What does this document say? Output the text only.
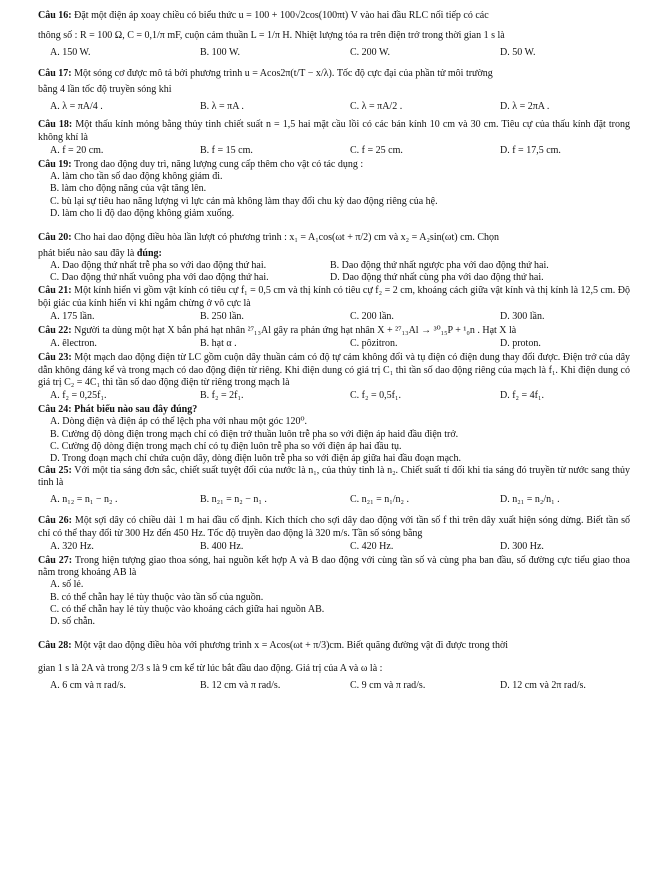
Câu 16: Đặt một điện áp xoay chiều có biểu thức u = 100 + 100√2cos(100πt) V vào hai đầu RLC nối tiếp có các

thông số : R = 100 Ω, C = 0,1/π mF, cuộn cảm thuần L = 1/π H. Nhiệt lượng tỏa ra trên điện trở trong thời gian 1 s là

A. 150 W.	B. 100 W.	C. 200 W.	D. 50 W.

Câu 17: Một sóng cơ được mô tả bởi phương trình u = Acos2π(t/T − x/λ). Tốc độ cực đại của phần tử môi trường

bằng 4 lần tốc độ truyền sóng khi

A. λ = πA/4 .	B. λ = πA .	C. λ = πA/2 .	D. λ = 2πA .

Câu 18: Một thấu kính mỏng bằng thủy tinh chiết suất n = 1,5 hai mặt cầu lồi có các bán kính 10 cm và 30 cm. Tiêu cự của thấu kính đặt trong không khí là

A. f = 20 cm.	B. f = 15 cm.	C. f = 25 cm.	D. f = 17,5 cm.

Câu 19: Trong dao động duy trì, năng lượng cung cấp thêm cho vật có tác dụng :

A. làm cho tần số dao động không giảm đi.
B. làm cho động năng của vật tăng lên.
C. bù lại sự tiêu hao năng lượng vì lực cản mà không làm thay đổi chu kỳ dao động riêng của hệ.
D. làm cho li độ dao động không giảm xuống.

Câu 20: Cho hai dao động điều hòa lần lượt có phương trình : x₁ = A₁cos(ωt + π/2) cm và x₂ = A₂sin(ωt) cm. Chọn

phát biểu nào sau đây là đúng:

A. Dao động thứ nhất trễ pha so với dao động thứ hai.	B. Dao động thứ nhất ngược pha với dao động thứ hai.
C. Dao động thứ nhất vuông pha với dao động thứ hai.	D. Dao động thứ nhất cùng pha với dao động thứ hai.

Câu 21: Một kính hiển vi gồm vật kính có tiêu cự f₁ = 0,5 cm và thị kính có tiêu cự f₂ = 2 cm, khoảng cách giữa vật kính và thị kính là 12,5 cm. Độ bội giác của kính hiển vi khi ngắm chừng ở vô cực là

A. 175 lần.	B. 250 lần.	C. 200 lần.	D. 300 lần.

Câu 22: Người ta dùng một hạt X bắn phá hạt nhân ²⁷₁₃Al gây ra phản ứng hạt nhân X + ²⁷₁₃Al → ³⁰₁₅P + ¹₀n . Hạt X là

A. êlectron.	B. hạt α .	C. pôzitron.	D. proton.

Câu 23: Một mạch dao động điện từ LC gồm cuộn dây thuần cảm có độ tự cảm không đổi và tụ điện có điện dung thay đổi được. Điện trở của dây dẫn không đáng kể và trong mạch có dao động điện từ riêng. Khi điện dung có giá trị C₁ thì tần số dao động riêng của mạch là f₁. Khi điện dung có giá trị C₂ = 4C₁ thì tần số dao động điện từ riêng trong mạch là

A. f₂ = 0,25f₁.	B. f₂ = 2f₁.	C. f₂ = 0,5f₁.	D. f₂ = 4f₁.

Câu 24: Phát biểu nào sau đây đúng?

A. Dòng điện và điện áp có thể lệch pha với nhau một góc 120⁰.
B. Cường độ dòng điện trong mạch chỉ có điện trở thuần luôn trễ pha so với điện áp haid đầu điện trở.
C. Cường độ dòng điện trong mạch chỉ có tụ điện luôn trễ pha so với điện áp hai đầu tụ.
D. Trong đoạn mạch chỉ chứa cuộn dây, dòng điện luôn trễ pha so với điện áp giữa hai đầu đoạn mạch.

Câu 25: Với một tia sáng đơn sắc, chiết suất tuyệt đối của nước là n₁, của thủy tinh là n₂. Chiết suất tỉ đối khi tia sáng đó truyền từ nước sang thủy tinh là

A. n₁₂ = n₁ − n₂ .	B. n₂₁ = n₂ − n₁ .	C. n₂₁ = n₁/n₂ .	D. n₂₁ = n₂/n₁ .

Câu 26: Một sợi dây có chiều dài 1 m hai đầu cố định. Kích thích cho sợi dây dao động với tần số f thì trên dây xuất hiện sóng dừng. Biết tần số chỉ có thể thay đổi từ 300 Hz đến 450 Hz. Tốc độ truyền dao động là 320 m/s. Tần số sóng bằng

A. 320 Hz.	B. 400 Hz.	C. 420 Hz.	D. 300 Hz.

Câu 27: Trong hiện tượng giao thoa sóng, hai nguồn kết hợp A và B dao động với cùng tần số và cùng pha ban đầu, số đường cực tiểu giao thoa nằm trong khoảng AB là

A. số lẻ.
B. có thể chẵn hay lẻ tùy thuộc vào tần số của nguồn.
C. có thể chẵn hay lẻ tùy thuộc vào khoảng cách giữa hai nguồn AB.
D. số chẵn.

Câu 28: Một vật dao động điều hòa với phương trình x = Acos(ωt + π/3)cm. Biết quãng đường vật đi được trong thời

gian 1 s là 2A và trong 2/3 s là 9 cm kể từ lúc bắt đầu dao động. Giá trị của A và ω là :

A. 6 cm và π rad/s.	B. 12 cm và π rad/s.	C. 9 cm và π rad/s.	D. 12 cm và 2π rad/s.
